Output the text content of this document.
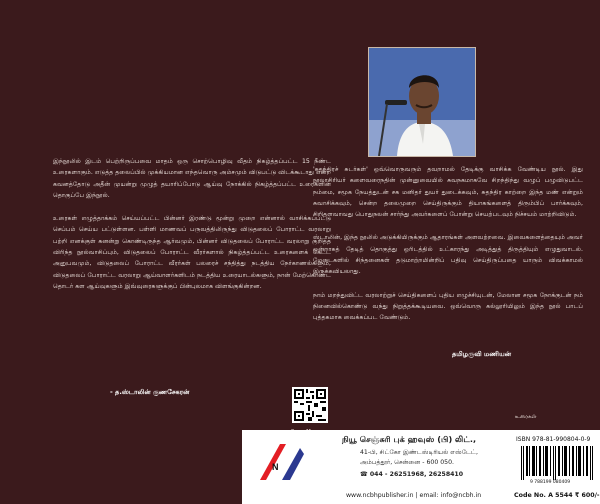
இந்நூலில் இடம் பெற்றிருப்பவை மாதம் ஒரு சொற்பொழிவு வீதம் நிகழ்த்தப்பட்ட 15 நீண்ட உரைகளாகும். எடுத்த தலைப்பில் முக்கியமான எந்தவொரு அம்சமும் விடுபட்டு விடக்கூடாது என்ற கவனத்தோடு அதீன் முயன்று முழுத் தயாரிப்போடு ஆய்வு நோக்கில் நிகழ்த்தப்பட்ட உரைகளின் தொகுப்பே இந்நூல்.

உரைகள் எழுத்தாக்கம் செய்யப்பட்ட பின்னர் இரண்டு மூன்று முறை என்னால் வாசிக்கப்பட்டு செப்பம் செய்ய பட்டுள்ளன. பள்ளி மாணவப் பருவத்திலிருந்து விடுதலைப் போராட்ட வரலாறு பற்றி எனக்குள் கனன்று கொண்டிருந்த ஆர்வமும், பின்னர் விடுதலைப் போராட்ட வரலாறு குறித்த விரிந்த நூல்வாசிப்பும், விடுதலைப் போராட்ட வீரர்களால் நிகழ்த்தப்பட்ட உரைகளைக் கேட்ட அனுபவமும், விடுதலைப் போராட்ட வீரர்கள் பலரைச் சந்தித்து நடத்திய நேர்காணல்களும், விடுதலைப் போராட்ட வரலாறு ஆய்வாளர்களிடம் நடத்திய உரையாடல்களும், நான் மேற்கொண்ட தொடர் கள ஆய்வுகளும் இவ்வுரைகளுக்குப் பின்புலமாக விளங்குகின்றன.

- த.ஸ்டாலின் குணசேகரன்

'சுதந்திரச் சுடர்கள்' ஒவ்வொருவரும் தவறாமல் தேடிக்கு வாசிக்க வேண்டிய நூல். இது நூலாசிரியர் களைவரைநதின் முன்னுவையில் சுவநகமாகவே சிறந்திந்து வழுப் பழுவிடுபட்ட நம்மை, சமூக நேயத்துடன் சக மனிதர் துயர் துடைக்கவும், சுதந்திர காற்றை இந்த மண் என்றும் சுவாசிக்கவும், சென்ற தலைமுறை செய்திருக்கும் தியாகங்களைத் திரும்பிப் பார்க்கவும், சிறிதளவாவது பொதுநலன் சார்ந்து அவர்களைப் போன்று செயற்படவும் நிச்சயம் மாற்றிவிடும்.

ஸ்டாலின், இந்த நூலில் அடுக்கியிருக்கும் ஆதாரங்கள் அளவற்றவை. இவைகளைத்தையும் அவர் ஒன்றாகத் தேடித் தொகுத்து ஒரிடத்தில் உட்காரந்து அடித்துத் திருத்தியும் எழுதுவாடல். மேடைகளில் சிந்தனைகள் தடுமாற்றமின்றிப் பதிவு செய்திருப்பதை யாரும் விவக்காமல் இருக்கவியலாது.

நாம் மறந்துவிட்ட வரலாற்றுச் செய்திகளைப் புதிய எழுச்சியுடன், மேலான சமூக நோக்குடன் நம் நினைவில்கொண்டு வந்து நிறுத்தக்கூடியவை. ஒவ்வொரு கல்லூரியிலும் இந்த நூல் பாடப் புத்தகமாக வைக்கப்பட வேண்டும்.

தமிழருவி மணியன்
உரைகள்
N
நியூ செஞ்சுரி புக் ஹவுஸ் (பி) லிட்.,
41-பி, சிட்கோ இண்டஸ்டிரியல் எஸ்டேட்,
அம்பத்தூர், சென்னை - 600 050.
☎ 044 - 26251968, 26258410
www.ncbhpublisher.in | email: info@ncbh.in
ISBN 978-81-990804-0-9
9 788199 080409
Code No. A 5544 ₹ 600/-
